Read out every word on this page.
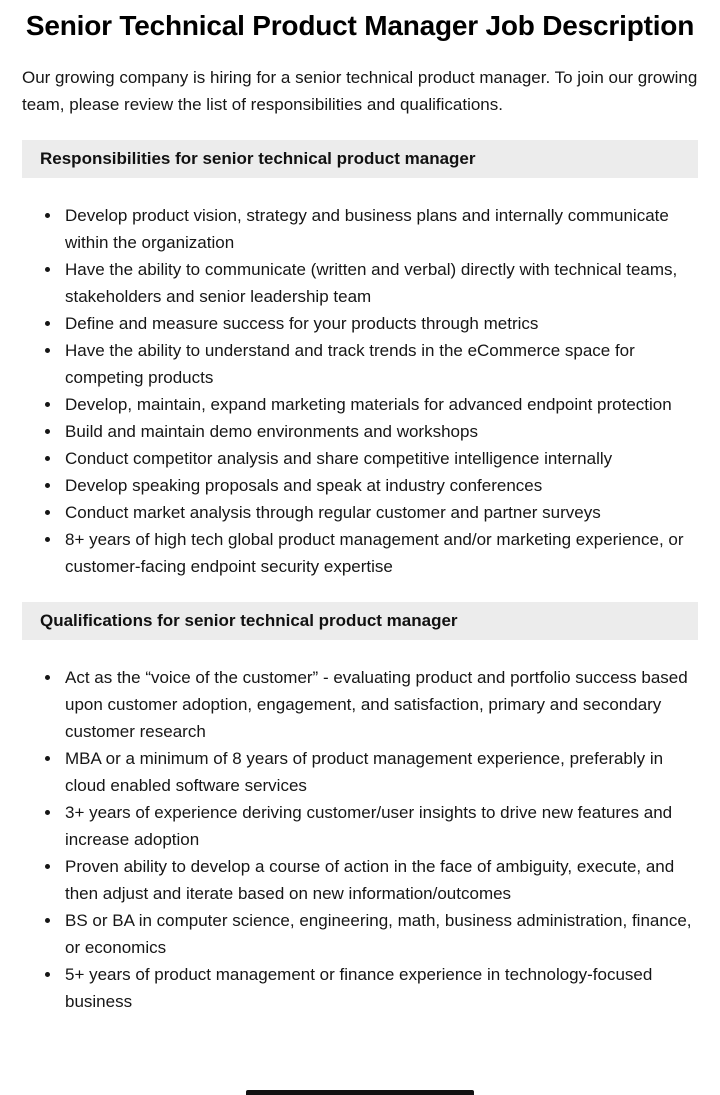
Senior Technical Product Manager Job Description

Our growing company is hiring for a senior technical product manager. To join our growing team, please review the list of responsibilities and qualifications.

Responsibilities for senior technical product manager
• Develop product vision, strategy and business plans and internally communicate within the organization
• Have the ability to communicate (written and verbal) directly with technical teams, stakeholders and senior leadership team
• Define and measure success for your products through metrics
• Have the ability to understand and track trends in the eCommerce space for competing products
• Develop, maintain, expand marketing materials for advanced endpoint protection
• Build and maintain demo environments and workshops
• Conduct competitor analysis and share competitive intelligence internally
• Develop speaking proposals and speak at industry conferences
• Conduct market analysis through regular customer and partner surveys
• 8+ years of high tech global product management and/or marketing experience, or customer-facing endpoint security expertise
Qualifications for senior technical product manager
• Act as the “voice of the customer” - evaluating product and portfolio success based upon customer adoption, engagement, and satisfaction, primary and secondary customer research
• MBA or a minimum of 8 years of product management experience, preferably in cloud enabled software services
• 3+ years of experience deriving customer/user insights to drive new features and increase adoption
• Proven ability to develop a course of action in the face of ambiguity, execute, and then adjust and iterate based on new information/outcomes
• BS or BA in computer science, engineering, math, business administration, finance, or economics
• 5+ years of product management or finance experience in technology-focused business
